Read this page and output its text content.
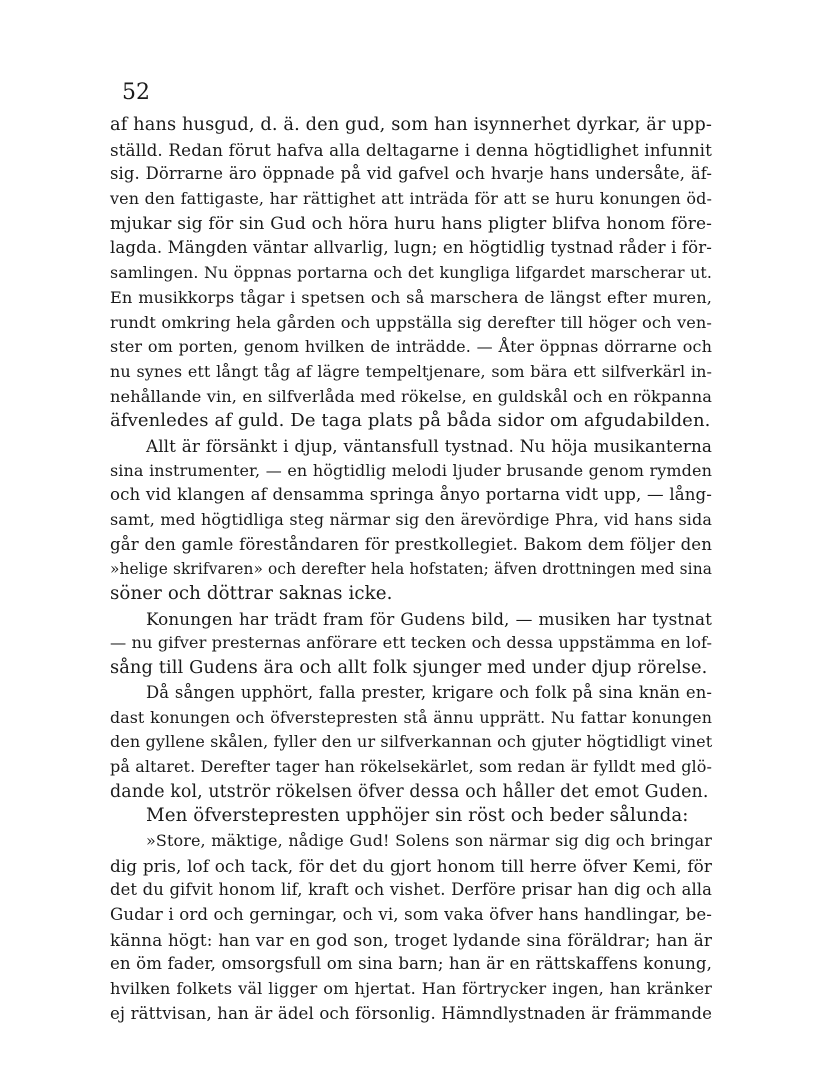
52
af hans husgud, d. ä. den gud, som han isynnerhet dyrkar, är upp-
ställd. Redan förut hafva alla deltagarne i denna högtidlighet infunnit
sig. Dörrarne äro öppnade på vid gafvel och hvarje hans undersåte, äf-
ven den fattigaste, har rättighet att inträda för att se huru konungen öd-
mjukar sig för sin Gud och höra huru hans pligter blifva honom före-
lagda. Mängden väntar allvarlig, lugn; en högtidlig tystnad råder i för-
samlingen. Nu öppnas portarna och det kungliga lifgardet marscherar ut.
En musikkorps tågar i spetsen och så marschera de längst efter muren,
rundt omkring hela gården och uppställa sig derefter till höger och ven-
ster om porten, genom hvilken de inträdde. — Åter öppnas dörrarne och
nu synes ett långt tåg af lägre tempeltjenare, som bära ett silfverkärl in-
nehållande vin, en silfverlåda med rökelse, en guldskål och en rökpanna
äfvenledes af guld. De taga plats på båda sidor om afgudabilden.
Allt är försänkt i djup, väntansfull tystnad. Nu höja musikanterna
sina instrumenter, — en högtidlig melodi ljuder brusande genom rymden
och vid klangen af densamma springa ånyo portarna vidt upp, — lång-
samt, med högtidliga steg närmar sig den ärevördige Phra, vid hans sida
går den gamle föreståndaren för prestkollegiet. Bakom dem följer den
»helige skrifvaren» och derefter hela hofstaten; äfven drottningen med sina
söner och döttrar saknas icke.
Konungen har trädt fram för Gudens bild, — musiken har tystnat
— nu gifver presternas anförare ett tecken och dessa uppstämma en lof-
sång till Gudens ära och allt folk sjunger med under djup rörelse.
Då sången upphört, falla prester, krigare och folk på sina knän en-
dast konungen och öfverstepresten stå ännu upprätt. Nu fattar konungen
den gyllene skålen, fyller den ur silfverkannan och gjuter högtidligt vinet
på altaret. Derefter tager han rökelsekärlet, som redan är fylldt med glö-
dande kol, utströr rökelsen öfver dessa och håller det emot Guden.
Men öfverstepresten upphöjer sin röst och beder sålunda:
»Store, mäktige, nådige Gud! Solens son närmar sig dig och bringar
dig pris, lof och tack, för det du gjort honom till herre öfver Kemi, för
det du gifvit honom lif, kraft och vishet. Derföre prisar han dig och alla
Gudar i ord och gerningar, och vi, som vaka öfver hans handlingar, be-
känna högt: han var en god son, troget lydande sina föräldrar; han är
en öm fader, omsorgsfull om sina barn; han är en rättskaffens konung,
hvilken folkets väl ligger om hjertat. Han förtrycker ingen, han kränker
ej rättvisan, han är ädel och försonlig. Hämndlystnaden är främmande
